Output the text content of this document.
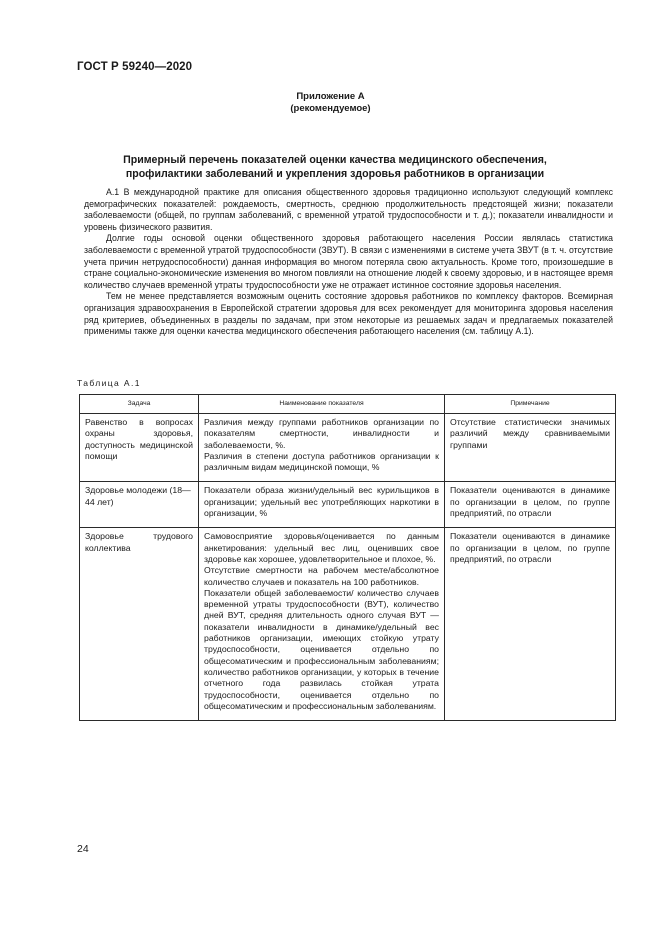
ГОСТ Р 59240—2020
Приложение А
(рекомендуемое)
Примерный перечень показателей оценки качества медицинского обеспечения,
профилактики заболеваний и укрепления здоровья работников в организации

А.1 В международной практике для описания общественного здоровья традиционно используют следующий комплекс демографических показателей: рождаемость, смертность, среднюю продолжительность предстоящей жизни; показатели заболеваемости (общей, по группам заболеваний, с временной утратой трудоспособности и т. д.); показатели инвалидности и уровень физического развития.

Долгие годы основой оценки общественного здоровья работающего населения России являлась статистика заболеваемости с временной утратой трудоспособности (ЗВУТ). В связи с изменениями в системе учета ЗВУТ (в т. ч. отсутствие учета причин нетрудоспособности) данная информация во многом потеряла свою актуальность. Кроме того, произошедшие в стране социально-экономические изменения во многом повлияли на отношение людей к своему здоровью, и в настоящее время количество случаев временной утраты трудоспособности уже не отражает истинное состояние здоровья населения.

Тем не менее представляется возможным оценить состояние здоровья работников по комплексу факторов. Всемирная организация здравоохранения в Европейской стратегии здоровья для всех рекомендует для мониторинга здоровья населения ряд критериев, объединенных в разделы по задачам, при этом некоторые из решаемых задач и предлагаемых показателей применимы также для оценки качества медицинского обеспечения работающего населения (см. таблицу А.1).

Таблица А.1
Задача	Наименование показателя	Примечание
Равенство в вопросах охраны здоровья, доступность медицинской помощи	Различия между группами работников организации по показателям смертности, инвалидности и заболеваемости, %.
Различия в степени доступа работников организации к различным видам медицинской помощи, %	Отсутствие статистически значимых различий между сравниваемыми группами
Здоровье молодежи (18—44 лет)	Показатели образа жизни/удельный вес курильщиков в организации; удельный вес употребляющих наркотики в организации, %	Показатели оцениваются в динамике по организации в целом, по группе предприятий, по отрасли
Здоровье трудового коллектива	Самовосприятие здоровья/оценивается по данным анкетирования: удельный вес лиц, оценивших свое здоровье как хорошее, удовлетворительное и плохое, %.
Отсутствие смертности на рабочем месте/абсолютное количество случаев и показатель на 100 работников.
Показатели общей заболеваемости/ количество случаев временной утраты трудоспособности (ВУТ), количество дней ВУТ, средняя длительность одного случая ВУТ — показатели инвалидности в динамике/удельный вес работников организации, имеющих стойкую утрату трудоспособности, оценивается отдельно по общесоматическим и профессиональным заболеваниям; количество работников организации, у которых в течение отчетного года развилась стойкая утрата трудоспособности, оценивается отдельно по общесоматическим и профессиональным заболеваниям.	Показатели оцениваются в динамике по организации в целом, по группе предприятий, по отрасли
24
